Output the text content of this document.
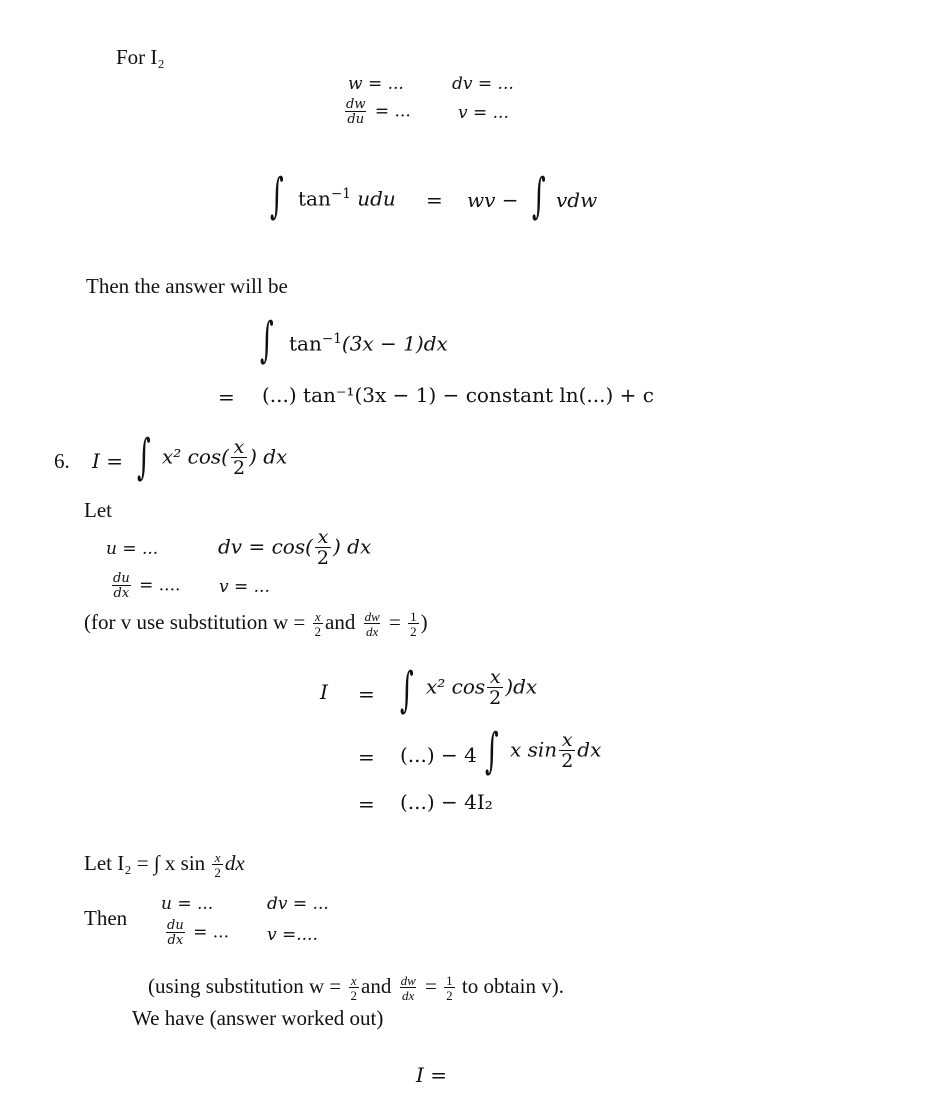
For I₂
w = ...	dv = ...
$\frac{dw}{du}$ = ...	v = ...
∫ $\tan^{-1}$ udu = wv − ∫ vdw
Then the answer will be
∫ $\tan^{-1}(3x - 1)dx$
= (...) tan⁻¹(3x − 1) − constant ln(...) + c
6. I = ∫ x² $\cos( \frac{x}{2}$ ) dx
Let
u = ...	dv = $\cos( \frac{x}{2}$ ) dx
$\frac{du}{dx}$ = .... v = ...
(for v use substitution $w = \frac{x}{2}$ and $\frac{dw}{dx} = \frac{1}{2}$ )
I = ∫ x² $\cos \frac{x}{2} )dx$
= (...) − 4 ∫ x $\sin \frac{x}{2}$ dx
= (...) − 4I₂
Let I₂ = ∫ x $\sin \frac{x}{2}$ dx
Then
u = ...	dv = ...
$\frac{du}{dx}$ = ... v =....
(using substitution $w = \frac{x}{2}$ and $\frac{dw}{dx} = \frac{1}{2}$ to obtain v).
We have (answer worked out)
I =
